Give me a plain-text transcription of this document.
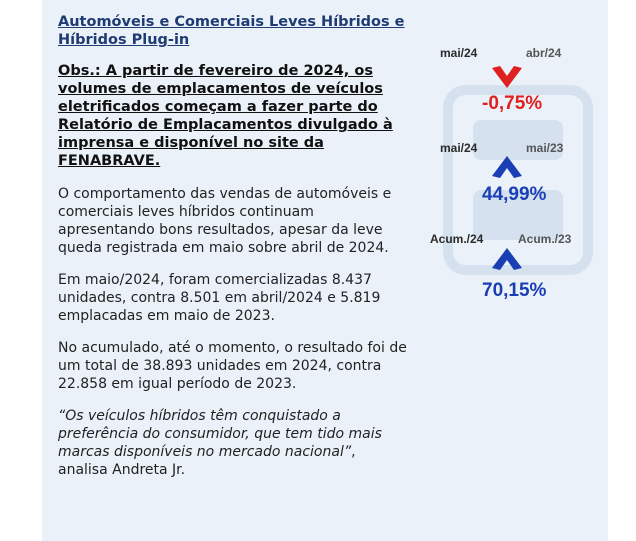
Automóveis e Comerciais Leves Híbridos e Híbridos Plug-in

Obs.: A partir de fevereiro de 2024, os volumes de emplacamentos de veículos eletrificados começam a fazer parte do Relatório de Emplacamentos divulgado à imprensa e disponível no site da FENABRAVE.

O comportamento das vendas de automóveis e comerciais leves híbridos continuam apresentando bons resultados, apesar da leve queda registrada em maio sobre abril de 2024.

Em maio/2024, foram comercializadas 8.437 unidades, contra 8.501 em abril/2024 e 5.819 emplacadas em maio de 2023.

No acumulado, até o momento, o resultado foi de um total de 38.893 unidades em 2024, contra 22.858 em igual período de 2023.

“Os veículos híbridos têm conquistado a preferência do consumidor, que tem tido mais marcas disponíveis no mercado nacional”, analisa Andreta Jr.

mai/24	abr/24
-0,75%
mai/24	mai/23
44,99%
Acum./24	Acum./23
70,15%
